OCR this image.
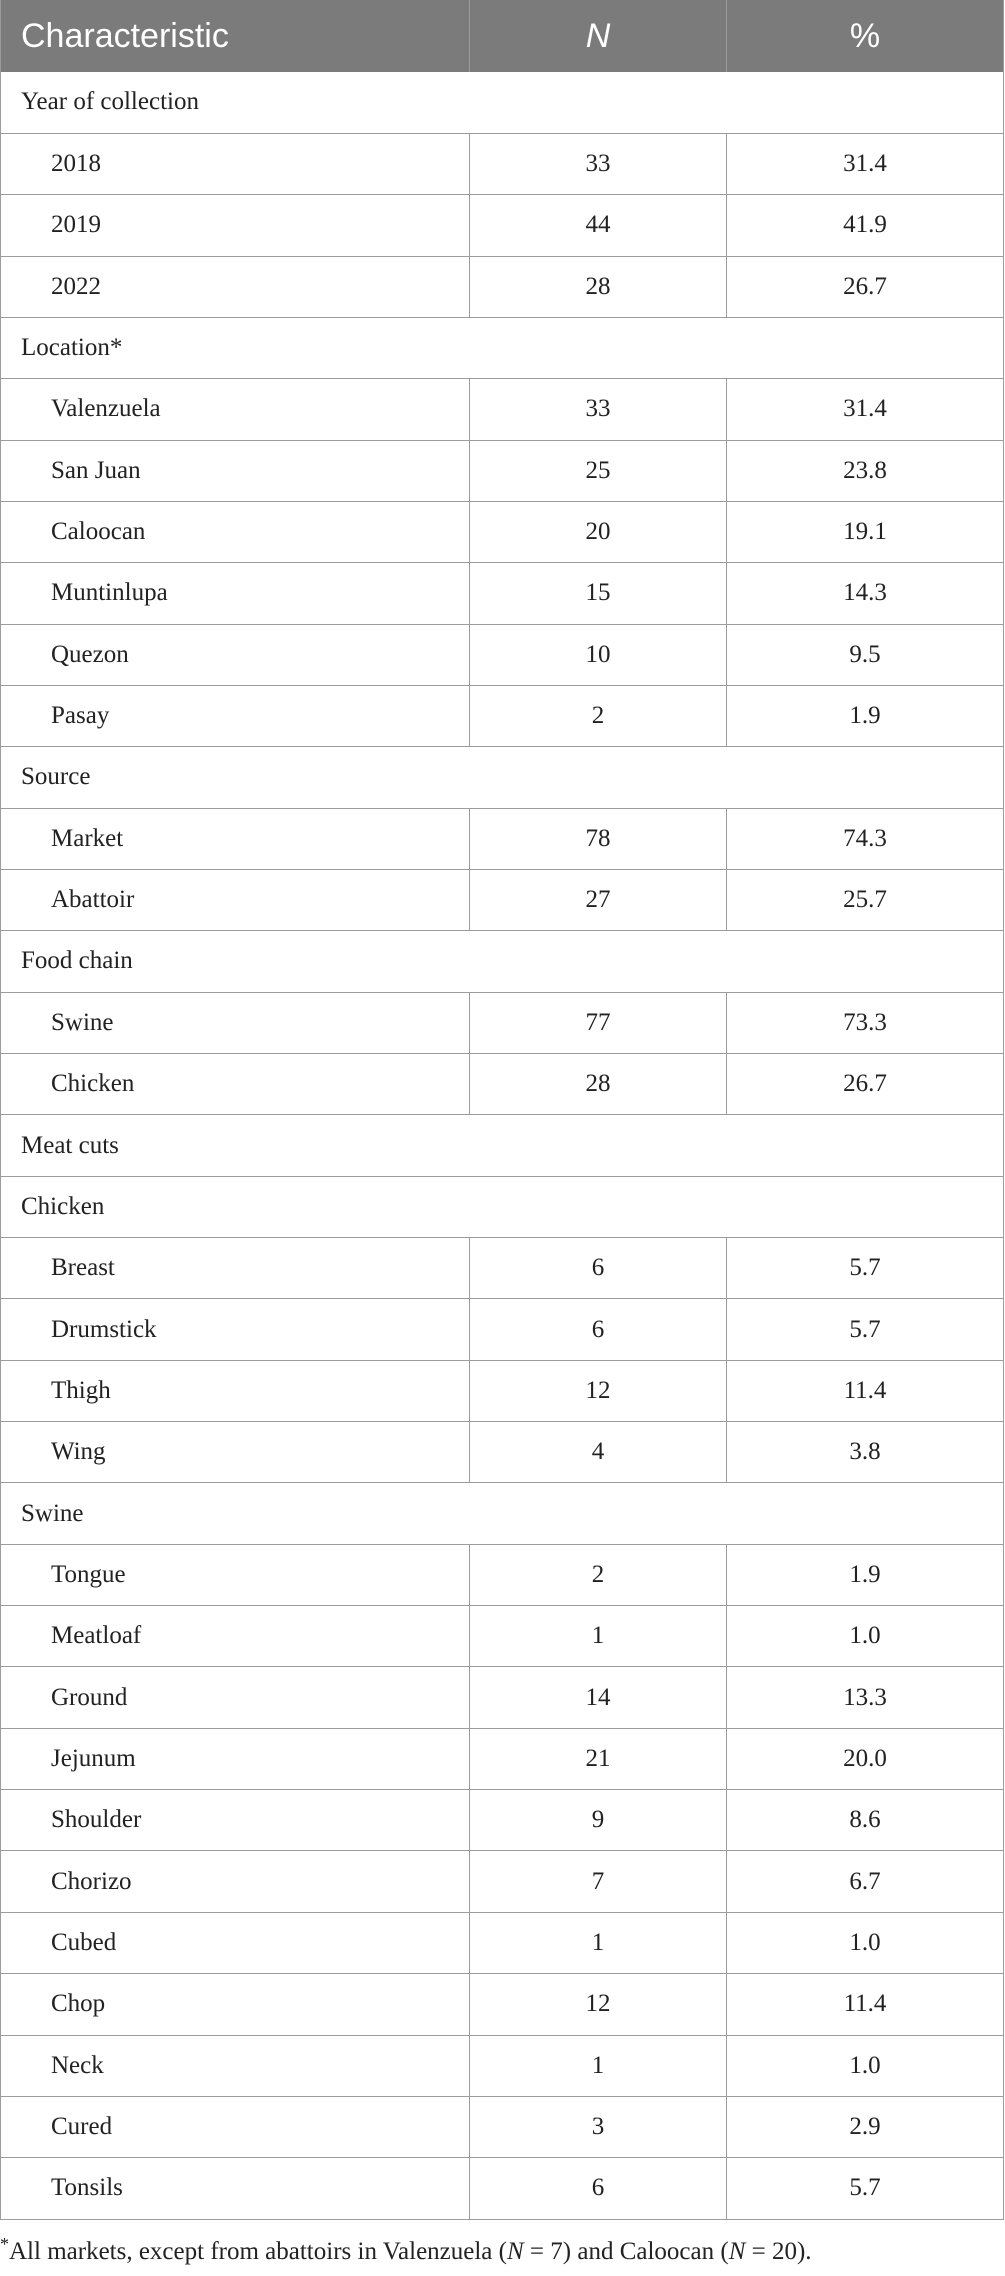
Characteristic	N	%
Year of collection		
2018	33	31.4
2019	44	41.9
2022	28	26.7
Location*		
Valenzuela	33	31.4
San Juan	25	23.8
Caloocan	20	19.1
Muntinlupa	15	14.3
Quezon	10	9.5
Pasay	2	1.9
Source		
Market	78	74.3
Abattoir	27	25.7
Food chain		
Swine	77	73.3
Chicken	28	26.7
Meat cuts		
Chicken		
Breast	6	5.7
Drumstick	6	5.7
Thigh	12	11.4
Wing	4	3.8
Swine		
Tongue	2	1.9
Meatloaf	1	1.0
Ground	14	13.3
Jejunum	21	20.0
Shoulder	9	8.6
Chorizo	7	6.7
Cubed	1	1.0
Chop	12	11.4
Neck	1	1.0
Cured	3	2.9
Tonsils	6	5.7
*All markets, except from abattoirs in Valenzuela (N = 7) and Caloocan (N = 20).
